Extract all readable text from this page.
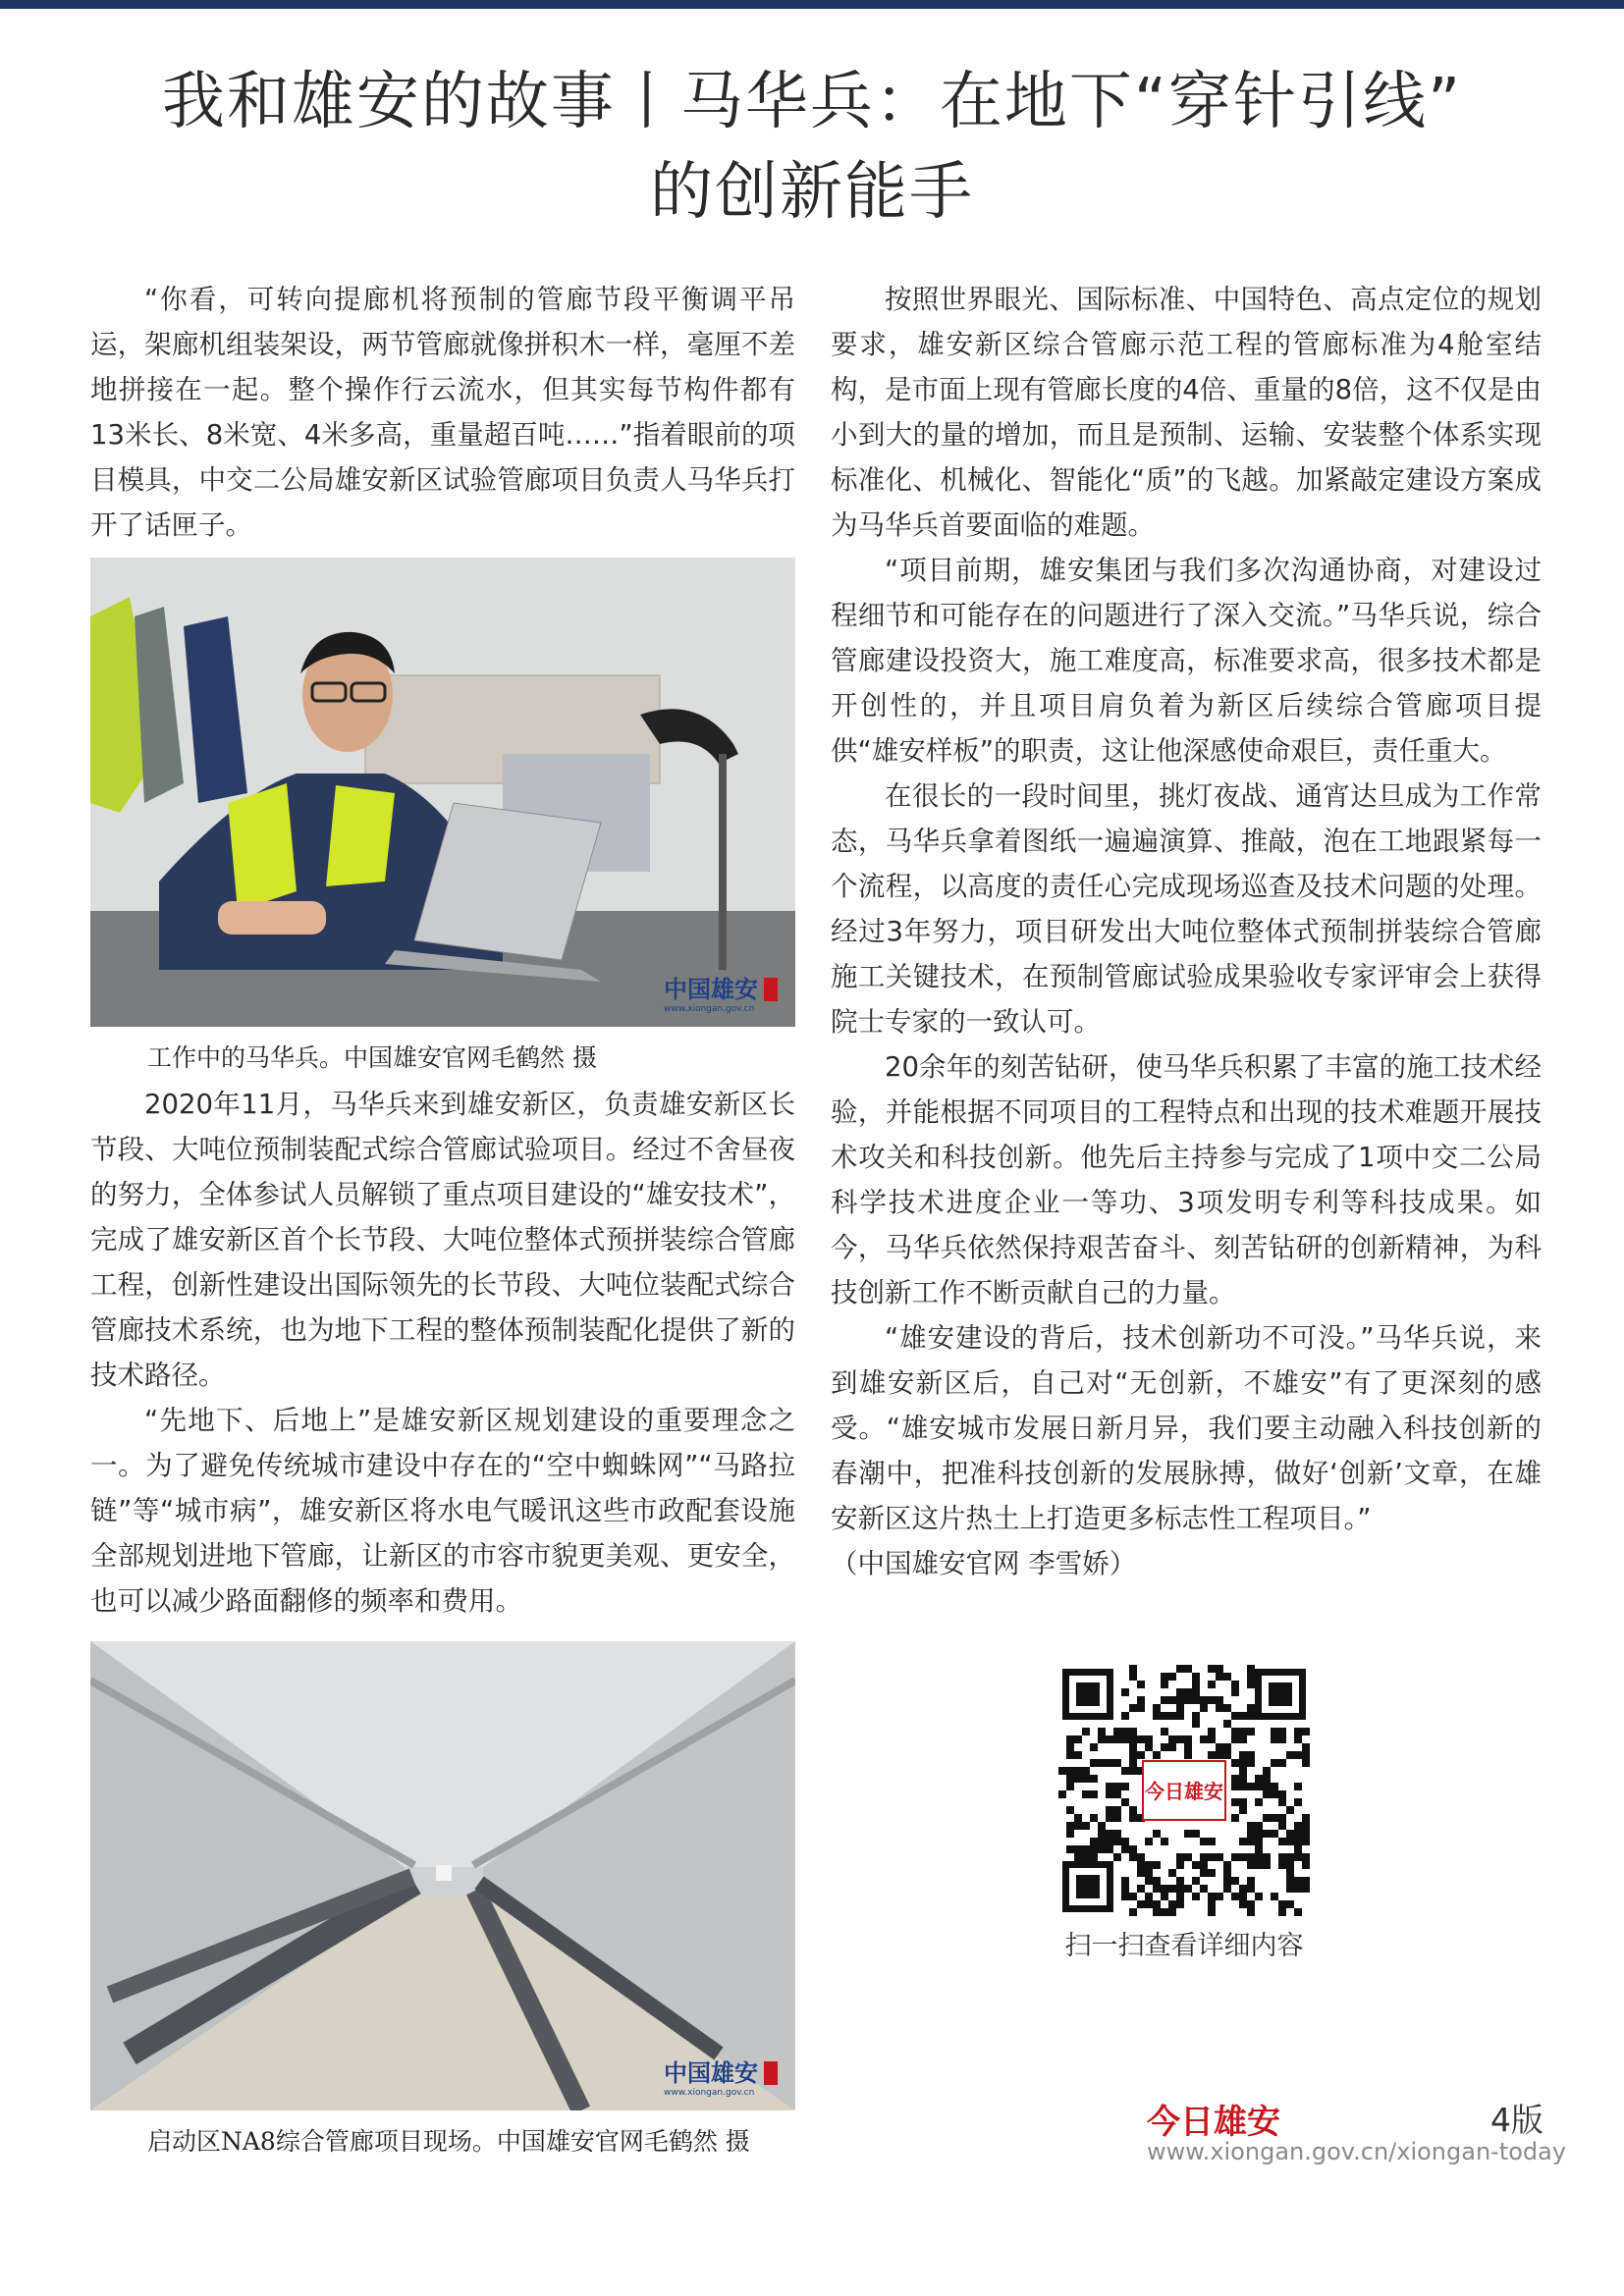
我和雄安的故事丨马华兵：在地下“穿针引线”
的创新能手

“你看，可转向提廊机将预制的管廊节段平衡调平吊运，架廊机组装架设，两节管廊就像拼积木一样，毫厘不差地拼接在一起。整个操作行云流水，但其实每节构件都有13米长、8米宽、4米多高，重量超百吨……”指着眼前的项目模具，中交二公局雄安新区试验管廊项目负责人马华兵打开了话匣子。

中国雄安
www.xiongan.gov.cn
工作中的马华兵。中国雄安官网毛鹤然 摄

2020年11月，马华兵来到雄安新区，负责雄安新区长节段、大吨位预制装配式综合管廊试验项目。经过不舍昼夜的努力，全体参试人员解锁了重点项目建设的“雄安技术”，完成了雄安新区首个长节段、大吨位整体式预拼装综合管廊工程，创新性建设出国际领先的长节段、大吨位装配式综合管廊技术系统，也为地下工程的整体预制装配化提供了新的技术路径。

“先地下、后地上”是雄安新区规划建设的重要理念之一。为了避免传统城市建设中存在的“空中蜘蛛网”“马路拉链”等“城市病”，雄安新区将水电气暖讯这些市政配套设施全部规划进地下管廊，让新区的市容市貌更美观、更安全，也可以减少路面翻修的频率和费用。

中国雄安
www.xiongan.gov.cn
启动区NA8综合管廊项目现场。中国雄安官网毛鹤然 摄

按照世界眼光、国际标准、中国特色、高点定位的规划要求，雄安新区综合管廊示范工程的管廊标准为4舱室结构，是市面上现有管廊长度的4倍、重量的8倍，这不仅是由小到大的量的增加，而且是预制、运输、安装整个体系实现标准化、机械化、智能化“质”的飞越。加紧敲定建设方案成为马华兵首要面临的难题。

“项目前期，雄安集团与我们多次沟通协商，对建设过程细节和可能存在的问题进行了深入交流。”马华兵说，综合管廊建设投资大，施工难度高，标准要求高，很多技术都是开创性的，并且项目肩负着为新区后续综合管廊项目提供“雄安样板”的职责，这让他深感使命艰巨，责任重大。

在很长的一段时间里，挑灯夜战、通宵达旦成为工作常态，马华兵拿着图纸一遍遍演算、推敲，泡在工地跟紧每一个流程，以高度的责任心完成现场巡查及技术问题的处理。经过3年努力，项目研发出大吨位整体式预制拼装综合管廊施工关键技术，在预制管廊试验成果验收专家评审会上获得院士专家的一致认可。

20余年的刻苦钻研，使马华兵积累了丰富的施工技术经验，并能根据不同项目的工程特点和出现的技术难题开展技术攻关和科技创新。他先后主持参与完成了1项中交二公局科学技术进度企业一等功、3项发明专利等科技成果。如今，马华兵依然保持艰苦奋斗、刻苦钻研的创新精神，为科技创新工作不断贡献自己的力量。

“雄安建设的背后，技术创新功不可没。”马华兵说，来到雄安新区后，自己对“无创新，不雄安”有了更深刻的感受。“雄安城市发展日新月异，我们要主动融入科技创新的春潮中，把准科技创新的发展脉搏，做好‘创新’文章，在雄安新区这片热土上打造更多标志性工程项目。”

（中国雄安官网 李雪娇）

今日雄安
扫一扫查看详细内容
今日雄安	4版
www.xiongan.gov.cn/xiongan-today
